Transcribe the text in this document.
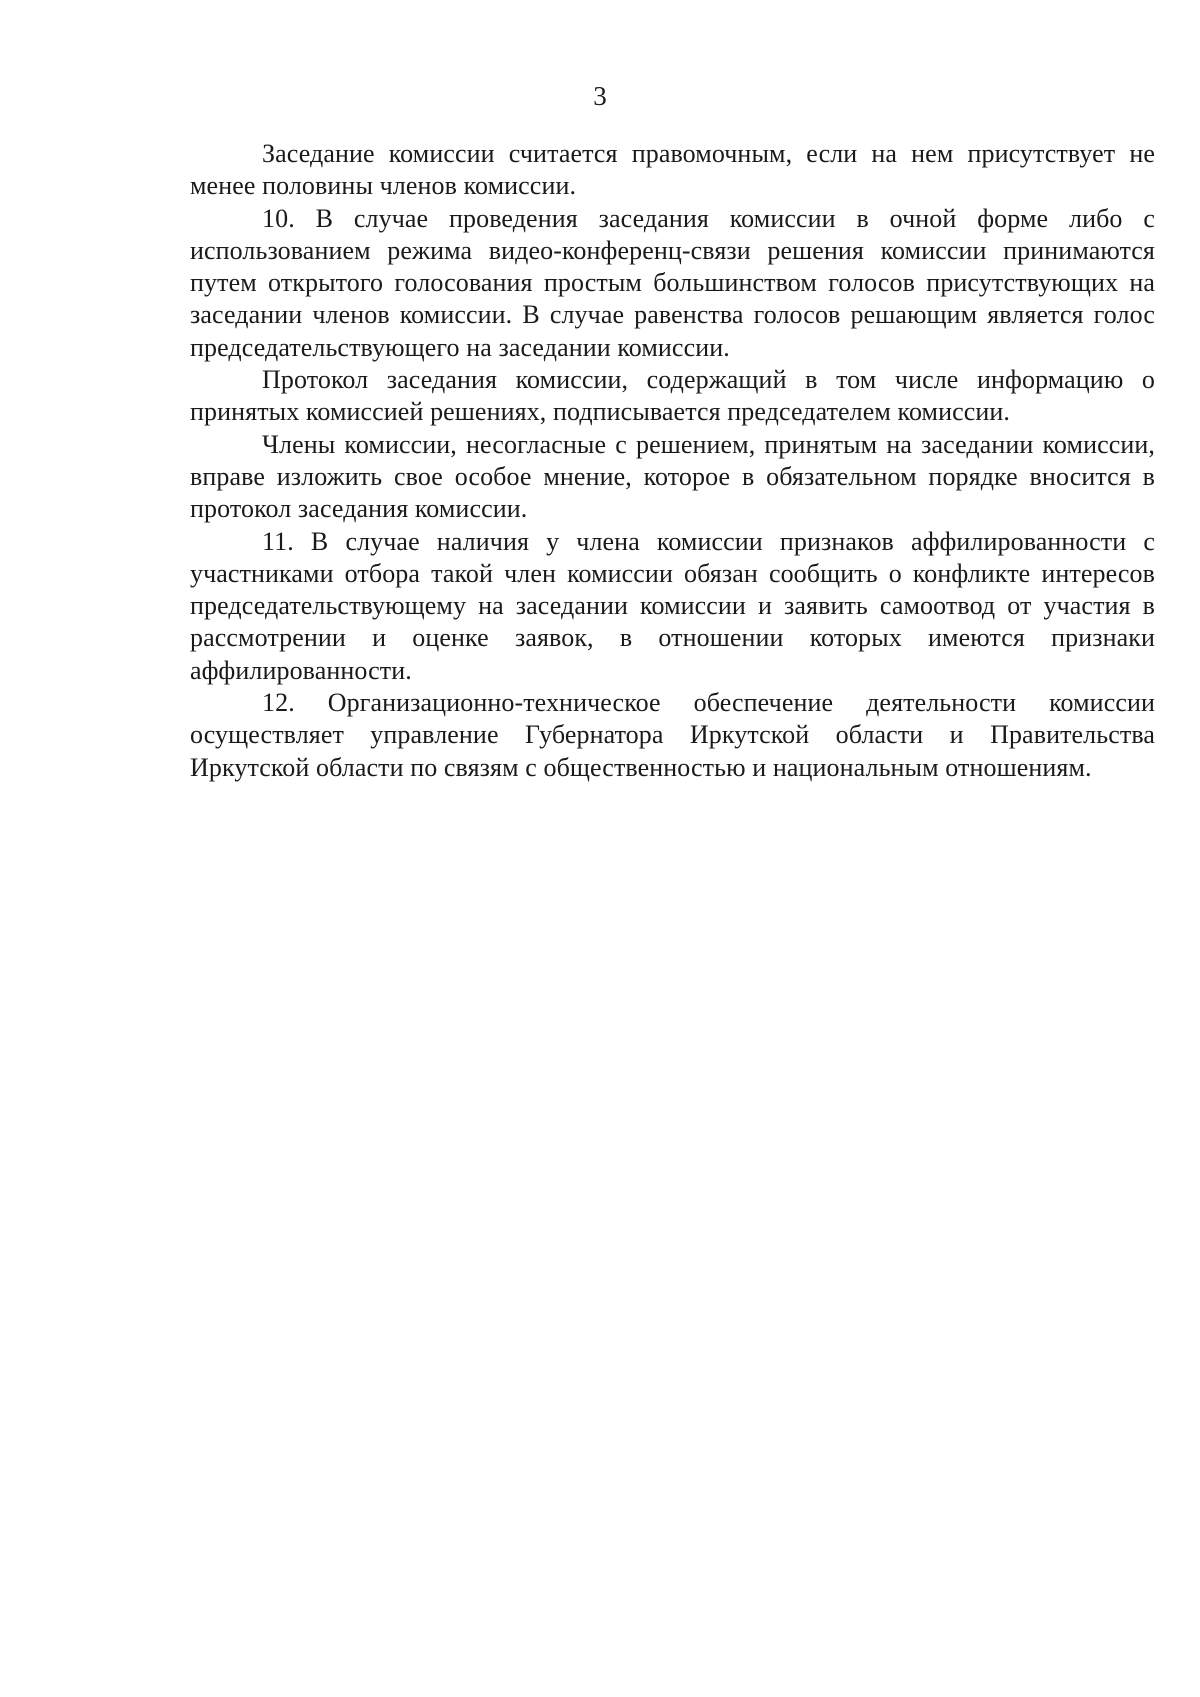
3

Заседание комиссии считается правомочным, если на нем присутствует не менее половины членов комиссии.

10. В случае проведения заседания комиссии в очной форме либо с использованием режима видео-конференц-связи решения комиссии принимаются путем открытого голосования простым большинством голосов присутствующих на заседании членов комиссии. В случае равенства голосов решающим является голос председательствующего на заседании комиссии.

Протокол заседания комиссии, содержащий в том числе информацию о принятых комиссией решениях, подписывается председателем комиссии.

Члены комиссии, несогласные с решением, принятым на заседании комиссии, вправе изложить свое особое мнение, которое в обязательном порядке вносится в протокол заседания комиссии.

11. В случае наличия у члена комиссии признаков аффилированности с участниками отбора такой член комиссии обязан сообщить о конфликте интересов председательствующему на заседании комиссии и заявить самоотвод от участия в рассмотрении и оценке заявок, в отношении которых имеются признаки аффилированности.

12. Организационно-техническое обеспечение деятельности комиссии осуществляет управление Губернатора Иркутской области и Правительства Иркутской области по связям с общественностью и национальным отношениям.
